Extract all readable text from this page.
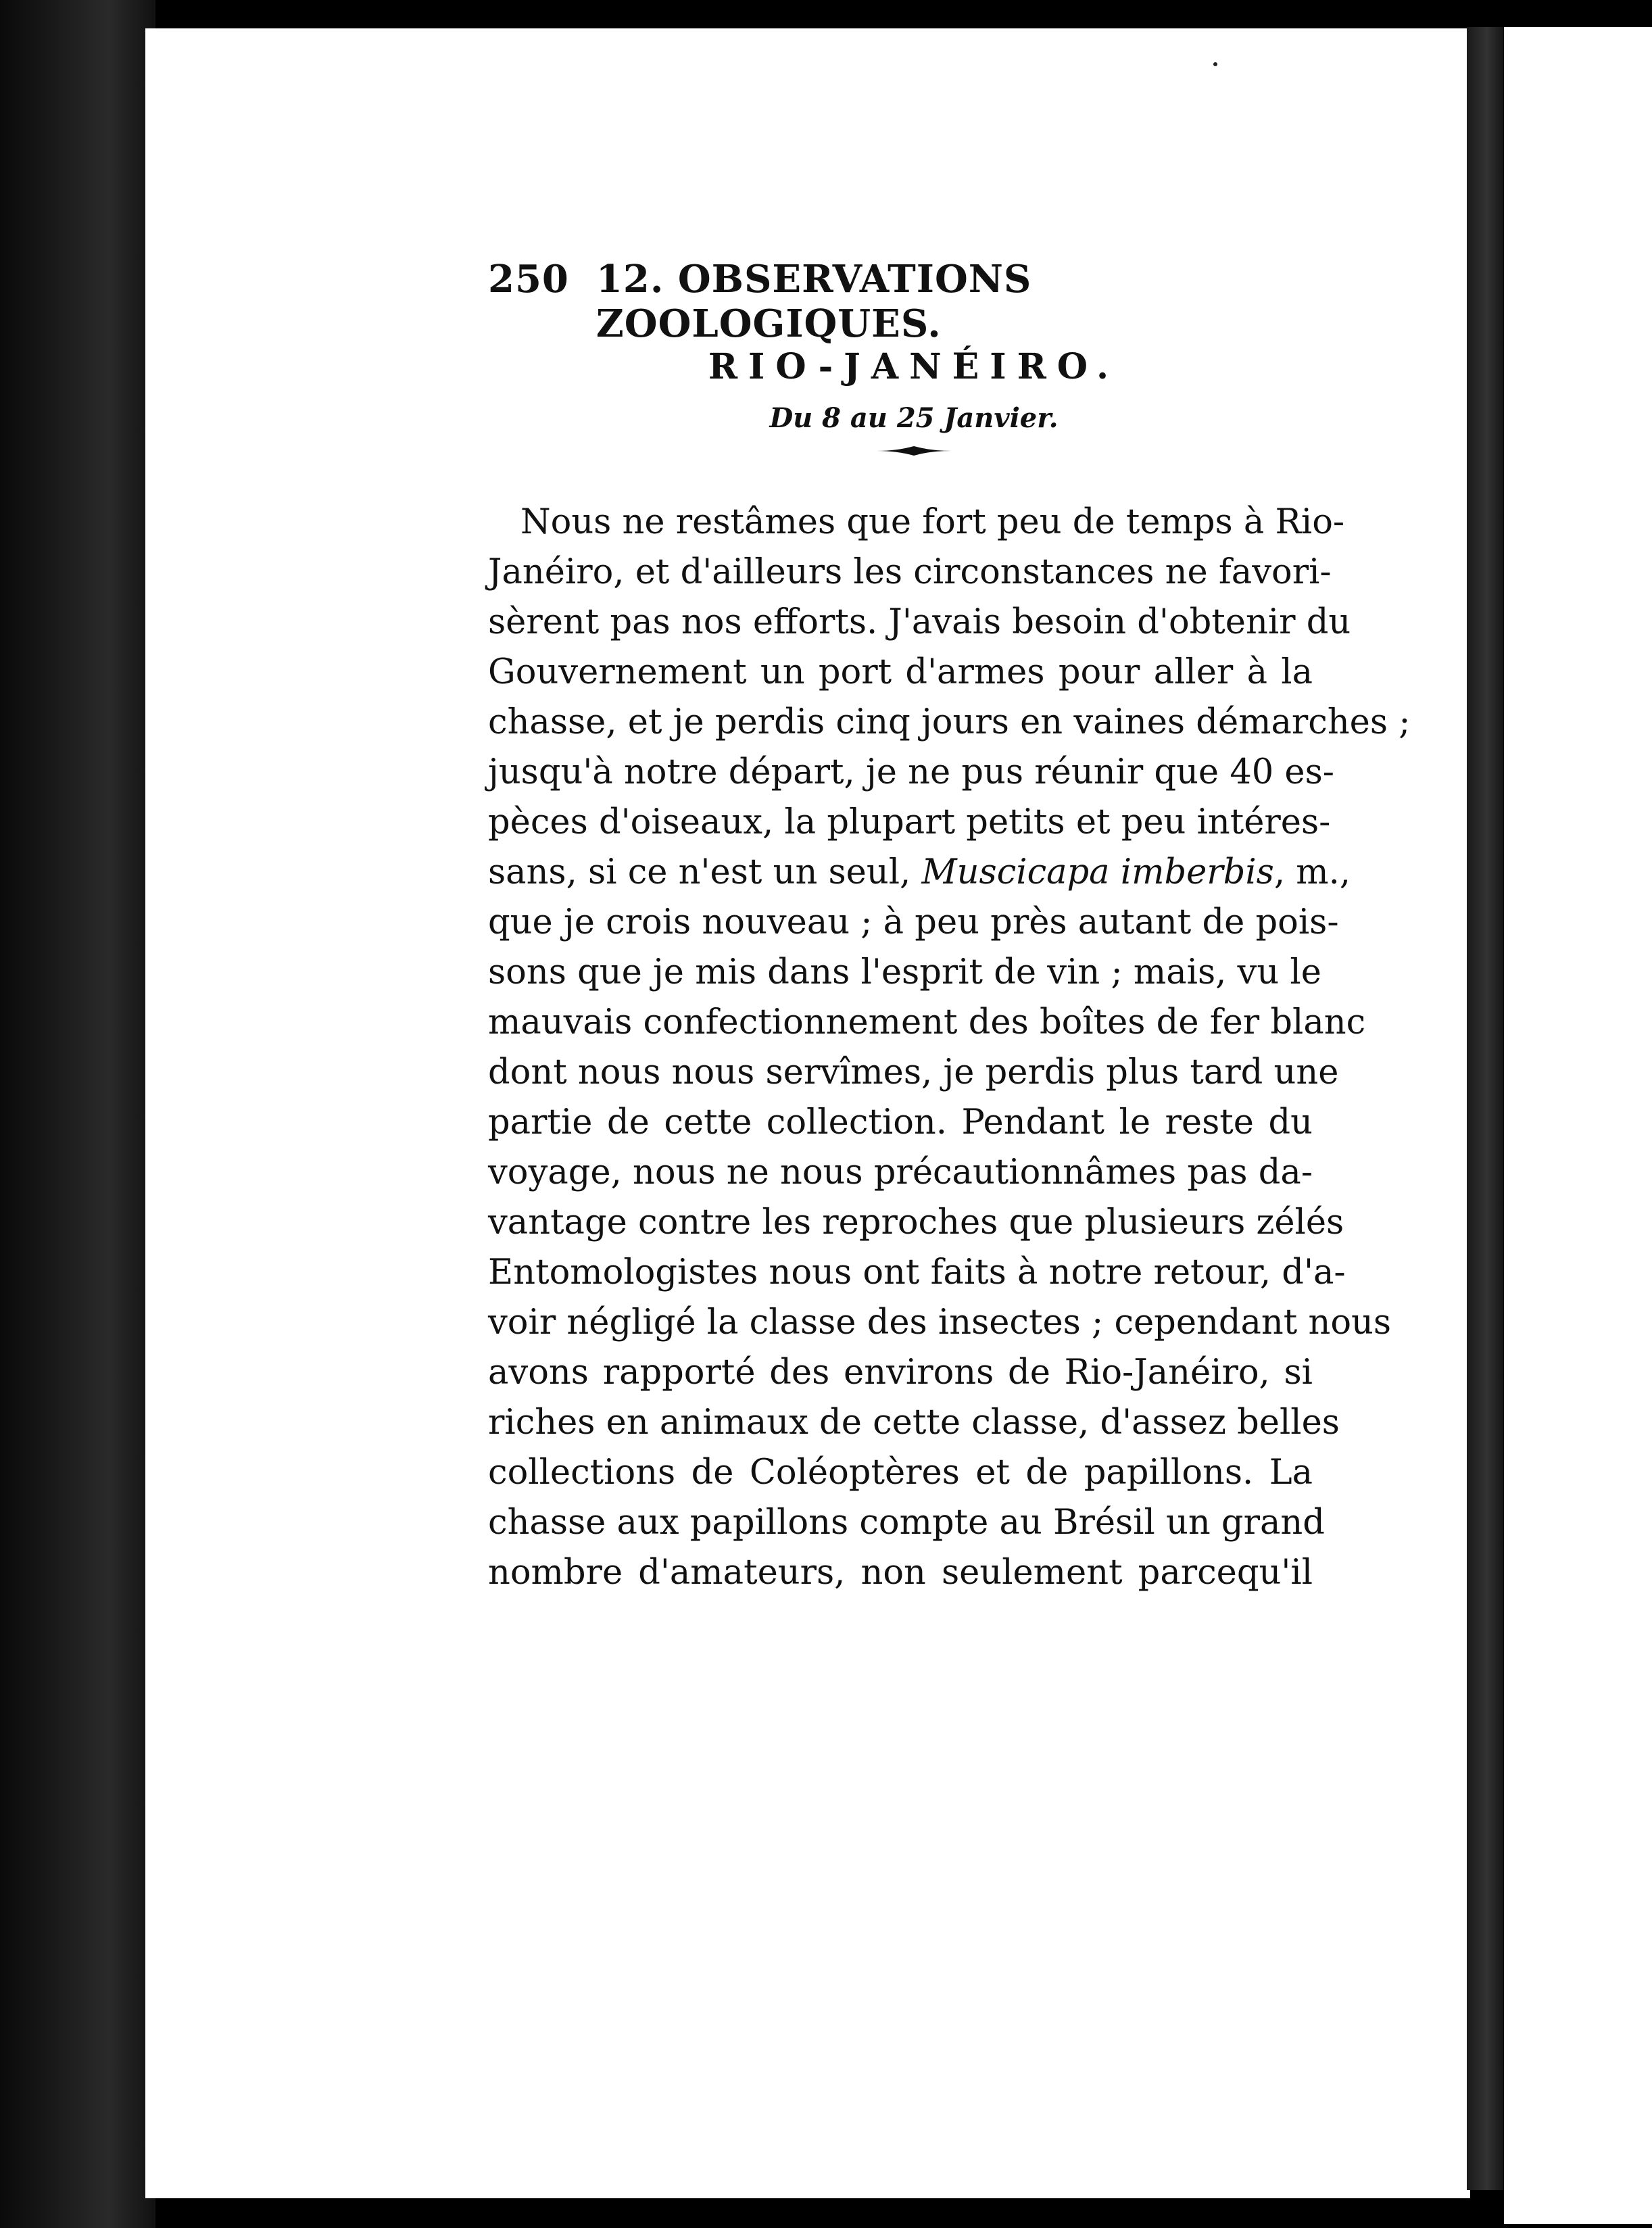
250 12. OBSERVATIONS ZOOLOGIQUES.
RIO-JANÉIRO.
Du 8 au 25 Janvier.
Nous ne restâmes que fort peu de temps à Rio-
Janéiro, et d'ailleurs les circonstances ne favori-
sèrent pas nos efforts. J'avais besoin d'obtenir du
Gouvernement un port d'armes pour aller à la
chasse, et je perdis cinq jours en vaines démarches ;
jusqu'à notre départ, je ne pus réunir que 40 es-
pèces d'oiseaux, la plupart petits et peu intéres-
sans, si ce n'est un seul, Muscicapa imberbis, m.,
que je crois nouveau ; à peu près autant de pois-
sons que je mis dans l'esprit de vin ; mais, vu le
mauvais confectionnement des boîtes de fer blanc
dont nous nous servîmes, je perdis plus tard une
partie de cette collection. Pendant le reste du
voyage, nous ne nous précautionnâmes pas da-
vantage contre les reproches que plusieurs zélés
Entomologistes nous ont faits à notre retour, d'a-
voir négligé la classe des insectes ; cependant nous
avons rapporté des environs de Rio-Janéiro, si
riches en animaux de cette classe, d'assez belles
collections de Coléoptères et de papillons. La
chasse aux papillons compte au Brésil un grand
nombre d'amateurs, non seulement parcequ'il
